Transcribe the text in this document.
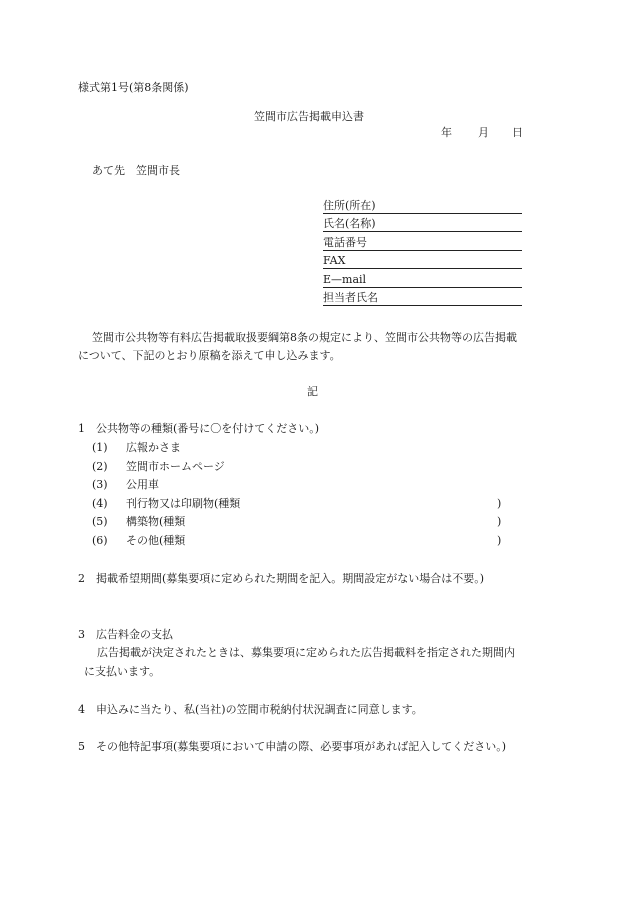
様式第1号(第8条関係)
笠間市広告掲載申込書
年 月 日
あて先　笠間市長
住所(所在)
氏名(名称)
電話番号
FAX
E—mail
担当者氏名
笠間市公共物等有料広告掲載取扱要綱第8条の規定により、笠間市公共物等の広告掲載
について、下記のとおり原稿を添えて申し込みます。
記
1　公共物等の種類(番号に〇を付けてください。)
(1) 広報かさま
(2) 笠間市ホームページ
(3) 公用車
(4) 刊行物又は印刷物(種類	)
(5) 構築物(種類	)
(6) その他(種類	)
2　掲載希望期間(募集要項に定められた期間を記入。期間設定がない場合は不要。)
3　広告料金の支払
広告掲載が決定されたときは、募集要項に定められた広告掲載料を指定された期間内
に支払います。
4　申込みに当たり、私(当社)の笠間市税納付状況調査に同意します。
5　その他特記事項(募集要項において申請の際、必要事項があれば記入してください。)
